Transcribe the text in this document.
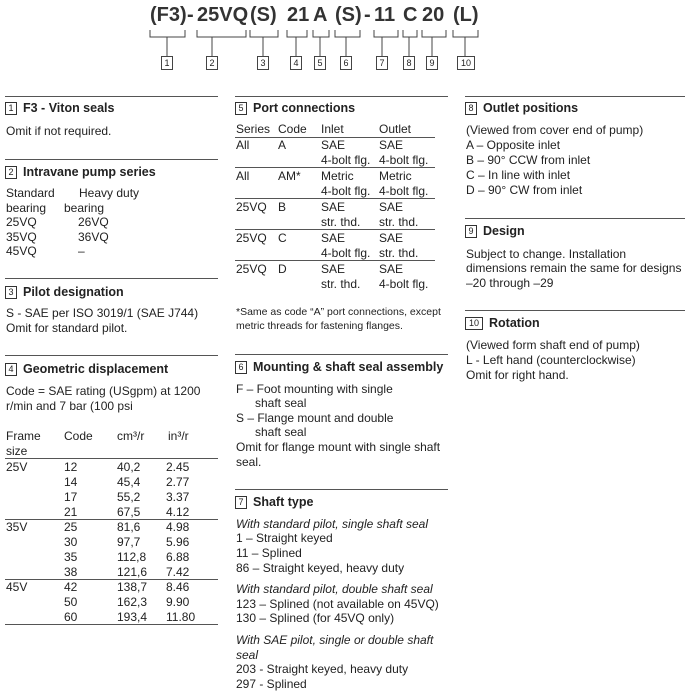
(F3) - 25VQ (S) 21 A (S) - 11 C 20 (L)
1	2	3	4	5	6	7	8	9	10
1 F3 - Viton seals
Omit if not required.
2 Intravane pump series
Standard Heavy duty
bearing bearing
25VQ	26VQ
35VQ	36VQ
45VQ	–
3 Pilot designation
S - SAE per ISO 3019/1 (SAE J744)
Omit for standard pilot.
4 Geometric displacement
Code = SAE rating (USgpm) at 1200
r/min and 7 bar (100 psi
Frame
size
Code cm³/r in³/r
25V	12	40,2 2.45
14	45,4 2.77
17	55,2 3.37
21	67,5 4.12
35V	25	81,6 4.98
30	97,7 5.96
35	112,8 6.88
38	121,6 7.42
45V	42	138,7 8.46
50	162,3 9.90
60	193,4 11.80
5 Port connections
Series Code Inlet	Outlet
All A	SAE	SAE
4-bolt flg. 4-bolt flg.
All AM* Metric Metric
4-bolt flg. 4-bolt flg.
25VQ B	SAE	SAE
str. thd. str. thd.
25VQ C	SAE	SAE
4-bolt flg. str. thd.
25VQ D	SAE	SAE
str. thd. 4-bolt flg.
*Same as code “A” port connections, except
metric threads for fastening flanges.
6 Mounting & shaft seal assembly
F – Foot mounting with single
shaft seal
S – Flange mount and double
shaft seal
Omit for flange mount with single shaft
seal.
7 Shaft type
With standard pilot, single shaft seal
1 – Straight keyed
11 – Splined
86 – Straight keyed, heavy duty
With standard pilot, double shaft seal
123 – Splined (not available on 45VQ)
130 – Splined (for 45VQ only)
With SAE pilot, single or double shaft
seal
203 - Straight keyed, heavy duty
297 - Splined
8 Outlet positions
(Viewed from cover end of pump)
A – Opposite inlet
B – 90° CCW from inlet
C – In line with inlet
D – 90° CW from inlet
9 Design
Subject to change. Installation
dimensions remain the same for designs
–20 through –29
10 Rotation
(Viewed form shaft end of pump)
L - Left hand (counterclockwise)
Omit for right hand.
